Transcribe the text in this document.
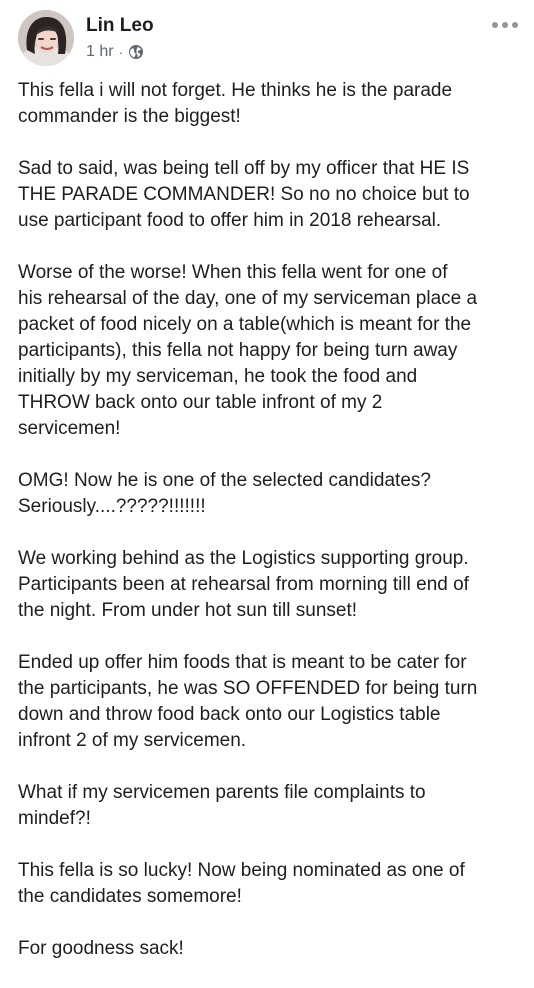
Lin Leo
1 hr ·

This fella i will not forget. He thinks he is the parade
commander is the biggest!

Sad to said, was being tell off by my officer that HE IS
THE PARADE COMMANDER! So no no choice but to
use participant food to offer him in 2018 rehearsal.

Worse of the worse! When this fella went for one of
his rehearsal of the day, one of my serviceman place a
packet of food nicely on a table(which is meant for the
participants), this fella not happy for being turn away
initially by my serviceman, he took the food and
THROW back onto our table infront of my 2
servicemen!

OMG! Now he is one of the selected candidates?
Seriously....?????!!!!!!!

We working behind as the Logistics supporting group.
Participants been at rehearsal from morning till end of
the night. From under hot sun till sunset!

Ended up offer him foods that is meant to be cater for
the participants, he was SO OFFENDED for being turn
down and throw food back onto our Logistics table
infront 2 of my servicemen.

What if my servicemen parents file complaints to
mindef?!

This fella is so lucky! Now being nominated as one of
the candidates somemore!

For goodness sack!
